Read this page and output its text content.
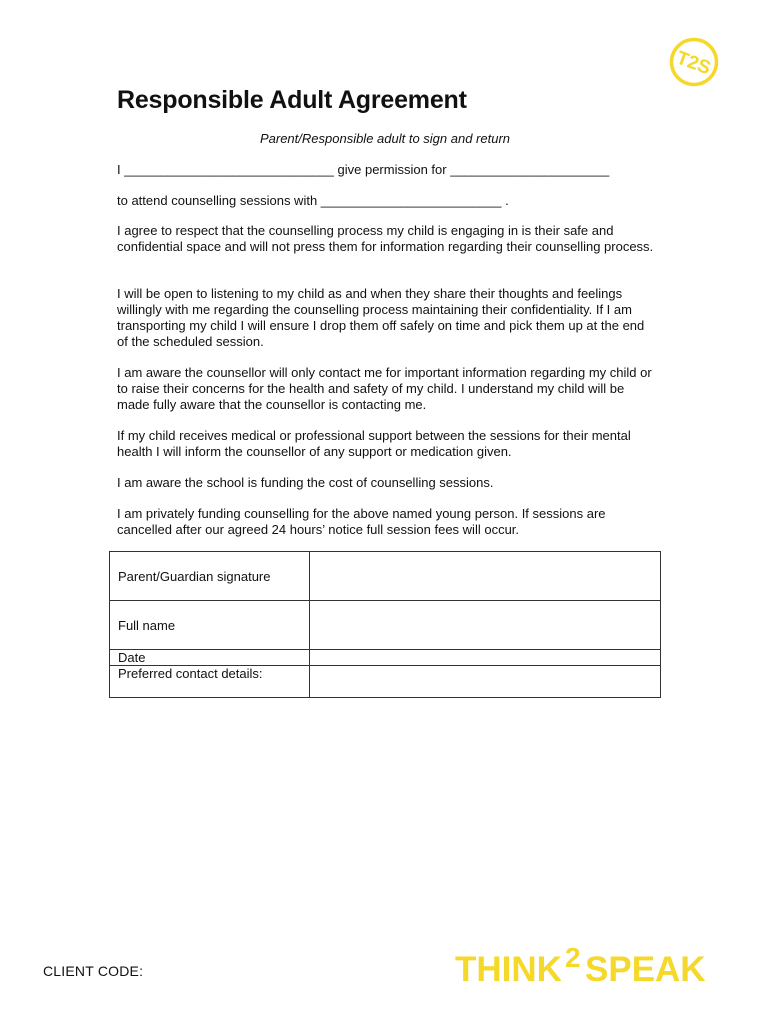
T2S
Responsible Adult Agreement
Parent/Responsible adult to sign and return
I _____________________________ give permission for ______________________
to attend counselling sessions with _________________________ .
I agree to respect that the counselling process my child is engaging in is their safe and confidential space and will not press them for information regarding their counselling process.
I will be open to listening to my child as and when they share their thoughts and feelings willingly with me regarding the counselling process maintaining their confidentiality. If I am transporting my child I will ensure I drop them off safely on time and pick them up at the end of the scheduled session.
I am aware the counsellor will only contact me for important information regarding my child or to raise their concerns for the health and safety of my child. I understand my child will be made fully aware that the counsellor is contacting me.
If my child receives medical or professional support between the sessions for their mental health I will inform the counsellor of any support or medication given.
I am aware the school is funding the cost of counselling sessions.
I am privately funding counselling for the above named young person. If sessions are cancelled after our agreed 24 hours’ notice full session fees will occur.
Parent/Guardian signature	
Full name	
Date	
Preferred contact details:	
CLIENT CODE:	THINK 2 SPEAK
